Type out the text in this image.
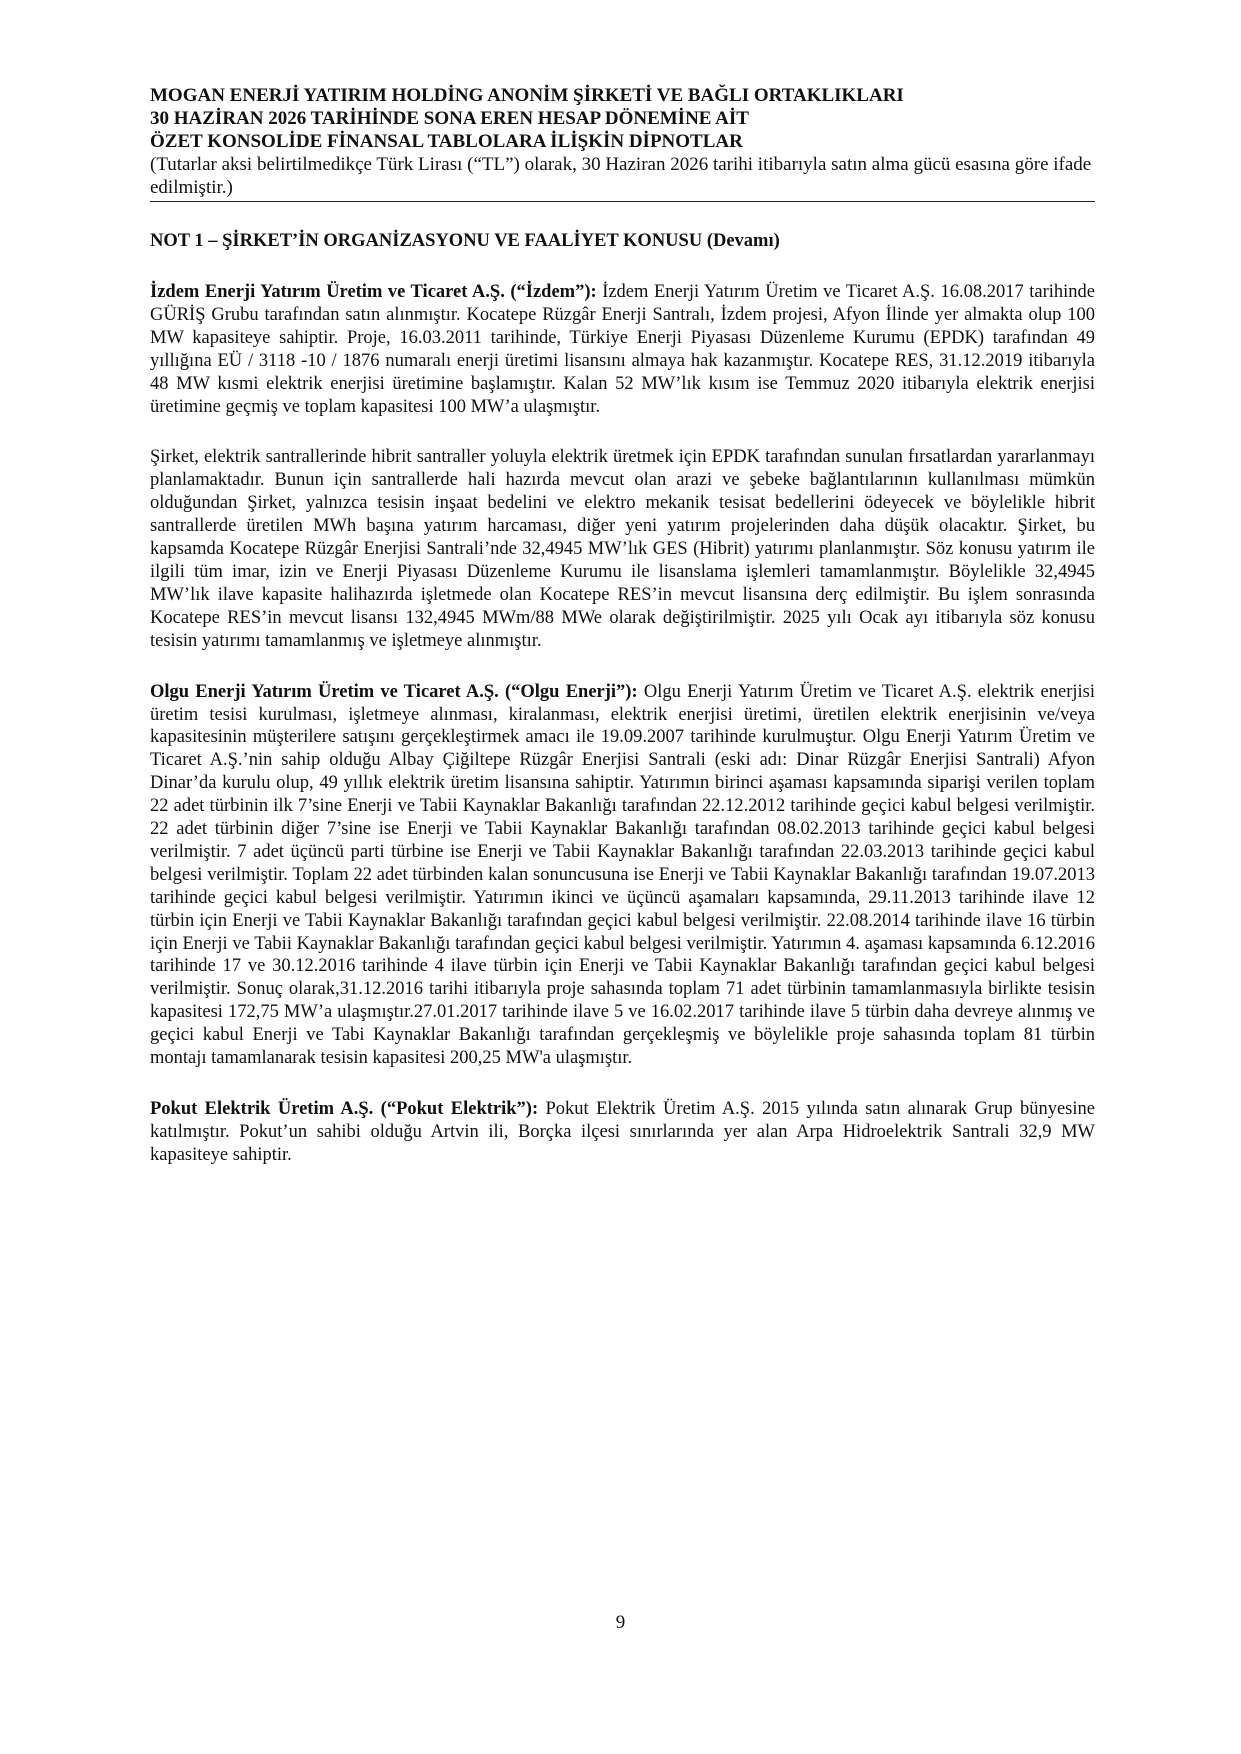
MOGAN ENERJİ YATIRIM HOLDİNG ANONİM ŞİRKETİ VE BAĞLI ORTAKLIKLARI
30 HAZİRAN 2026 TARİHİNDE SONA EREN HESAP DÖNEMİNE AİT
ÖZET KONSOLİDE FİNANSAL TABLOLARA İLİŞKİN DİPNOTLAR
(Tutarlar aksi belirtilmedikçe Türk Lirası (“TL”) olarak, 30 Haziran 2026 tarihi itibarıyla satın alma gücü esasına göre ifade edilmiştir.)
NOT 1 – ŞİRKET’İN ORGANİZASYONU VE FAALİYET KONUSU (Devamı)

İzdem Enerji Yatırım Üretim ve Ticaret A.Ş. (“İzdem”): İzdem Enerji Yatırım Üretim ve Ticaret A.Ş. 16.08.2017 tarihinde GÜRİŞ Grubu tarafından satın alınmıştır. Kocatepe Rüzgâr Enerji Santralı, İzdem projesi, Afyon İlinde yer almakta olup 100 MW kapasiteye sahiptir. Proje, 16.03.2011 tarihinde, Türkiye Enerji Piyasası Düzenleme Kurumu (EPDK) tarafından 49 yıllığına EÜ / 3118 -10 / 1876 numaralı enerji üretimi lisansını almaya hak kazanmıştır. Kocatepe RES, 31.12.2019 itibarıyla 48 MW kısmi elektrik enerjisi üretimine başlamıştır. Kalan 52 MW’lık kısım ise Temmuz 2020 itibarıyla elektrik enerjisi üretimine geçmiş ve toplam kapasitesi 100 MW’a ulaşmıştır.

Şirket, elektrik santrallerinde hibrit santraller yoluyla elektrik üretmek için EPDK tarafından sunulan fırsatlardan yararlanmayı planlamaktadır. Bunun için santrallerde hali hazırda mevcut olan arazi ve şebeke bağlantılarının kullanılması mümkün olduğundan Şirket, yalnızca tesisin inşaat bedelini ve elektro mekanik tesisat bedellerini ödeyecek ve böylelikle hibrit santrallerde üretilen MWh başına yatırım harcaması, diğer yeni yatırım projelerinden daha düşük olacaktır. Şirket, bu kapsamda Kocatepe Rüzgâr Enerjisi Santrali’nde 32,4945 MW’lık GES (Hibrit) yatırımı planlanmıştır. Söz konusu yatırım ile ilgili tüm imar, izin ve Enerji Piyasası Düzenleme Kurumu ile lisanslama işlemleri tamamlanmıştır. Böylelikle 32,4945 MW’lık ilave kapasite halihazırda işletmede olan Kocatepe RES’in mevcut lisansına derç edilmiştir. Bu işlem sonrasında Kocatepe RES’in mevcut lisansı 132,4945 MWm/88 MWe olarak değiştirilmiştir. 2025 yılı Ocak ayı itibarıyla söz konusu tesisin yatırımı tamamlanmış ve işletmeye alınmıştır.

Olgu Enerji Yatırım Üretim ve Ticaret A.Ş. (“Olgu Enerji”): Olgu Enerji Yatırım Üretim ve Ticaret A.Ş. elektrik enerjisi üretim tesisi kurulması, işletmeye alınması, kiralanması, elektrik enerjisi üretimi, üretilen elektrik enerjisinin ve/veya kapasitesinin müşterilere satışını gerçekleştirmek amacı ile 19.09.2007 tarihinde kurulmuştur. Olgu Enerji Yatırım Üretim ve Ticaret A.Ş.’nin sahip olduğu Albay Çiğiltepe Rüzgâr Enerjisi Santrali (eski adı: Dinar Rüzgâr Enerjisi Santrali) Afyon Dinar’da kurulu olup, 49 yıllık elektrik üretim lisansına sahiptir. Yatırımın birinci aşaması kapsamında siparişi verilen toplam 22 adet türbinin ilk 7’sine Enerji ve Tabii Kaynaklar Bakanlığı tarafından 22.12.2012 tarihinde geçici kabul belgesi verilmiştir. 22 adet türbinin diğer 7’sine ise Enerji ve Tabii Kaynaklar Bakanlığı tarafından 08.02.2013 tarihinde geçici kabul belgesi verilmiştir. 7 adet üçüncü parti türbine ise Enerji ve Tabii Kaynaklar Bakanlığı tarafından 22.03.2013 tarihinde geçici kabul belgesi verilmiştir. Toplam 22 adet türbinden kalan sonuncusuna ise Enerji ve Tabii Kaynaklar Bakanlığı tarafından 19.07.2013 tarihinde geçici kabul belgesi verilmiştir. Yatırımın ikinci ve üçüncü aşamaları kapsamında, 29.11.2013 tarihinde ilave 12 türbin için Enerji ve Tabii Kaynaklar Bakanlığı tarafından geçici kabul belgesi verilmiştir. 22.08.2014 tarihinde ilave 16 türbin için Enerji ve Tabii Kaynaklar Bakanlığı tarafından geçici kabul belgesi verilmiştir. Yatırımın 4. aşaması kapsamında 6.12.2016 tarihinde 17 ve 30.12.2016 tarihinde 4 ilave türbin için Enerji ve Tabii Kaynaklar Bakanlığı tarafından geçici kabul belgesi verilmiştir. Sonuç olarak,31.12.2016 tarihi itibarıyla proje sahasında toplam 71 adet türbinin tamamlanmasıyla birlikte tesisin kapasitesi 172,75 MW’a ulaşmıştır.27.01.2017 tarihinde ilave 5 ve 16.02.2017 tarihinde ilave 5 türbin daha devreye alınmış ve geçici kabul Enerji ve Tabi Kaynaklar Bakanlığı tarafından gerçekleşmiş ve böylelikle proje sahasında toplam 81 türbin montajı tamamlanarak tesisin kapasitesi 200,25 MW'a ulaşmıştır.

Pokut Elektrik Üretim A.Ş. (“Pokut Elektrik”): Pokut Elektrik Üretim A.Ş. 2015 yılında satın alınarak Grup bünyesine katılmıştır. Pokut’un sahibi olduğu Artvin ili, Borçka ilçesi sınırlarında yer alan Arpa Hidroelektrik Santrali 32,9 MW kapasiteye sahiptir.

9
